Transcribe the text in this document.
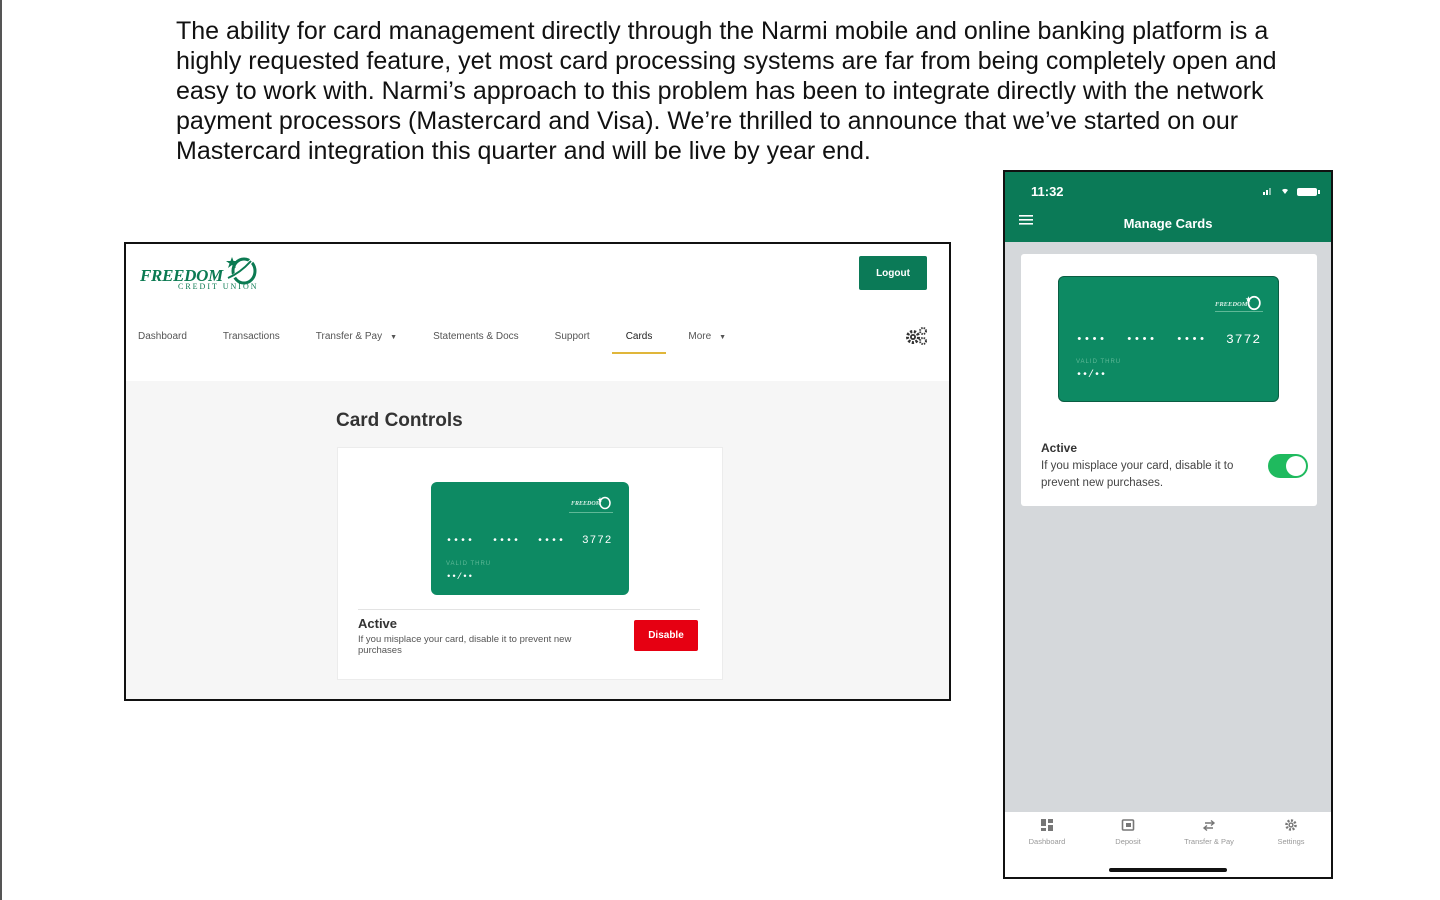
The ability for card management directly through the Narmi mobile and online banking platform is a highly requested feature, yet most card processing systems are far from being completely open and easy to work with. Narmi’s approach to this problem has been to integrate directly with the network payment processors (Mastercard and Visa). We’re thrilled to announce that we’ve started on our Mastercard integration this quarter and will be live by year end.

FREEDOM
CREDIT UNION
Logout
Dashboard	Transactions	Transfer & Pay ▼	Statements & Docs	Support	Cards	More ▼
Card Controls
FREEDOM
•••• •••• •••• 3772
VALID THRU
••/••
Active
If you misplace your card, disable it to prevent new purchases
Disable
11:32
Manage Cards
FREEDOM
•••• •••• •••• 3772
VALID THRU
••/••
Active
If you misplace your card, disable it to prevent new purchases.
Dashboard	Deposit	Transfer & Pay	Settings
